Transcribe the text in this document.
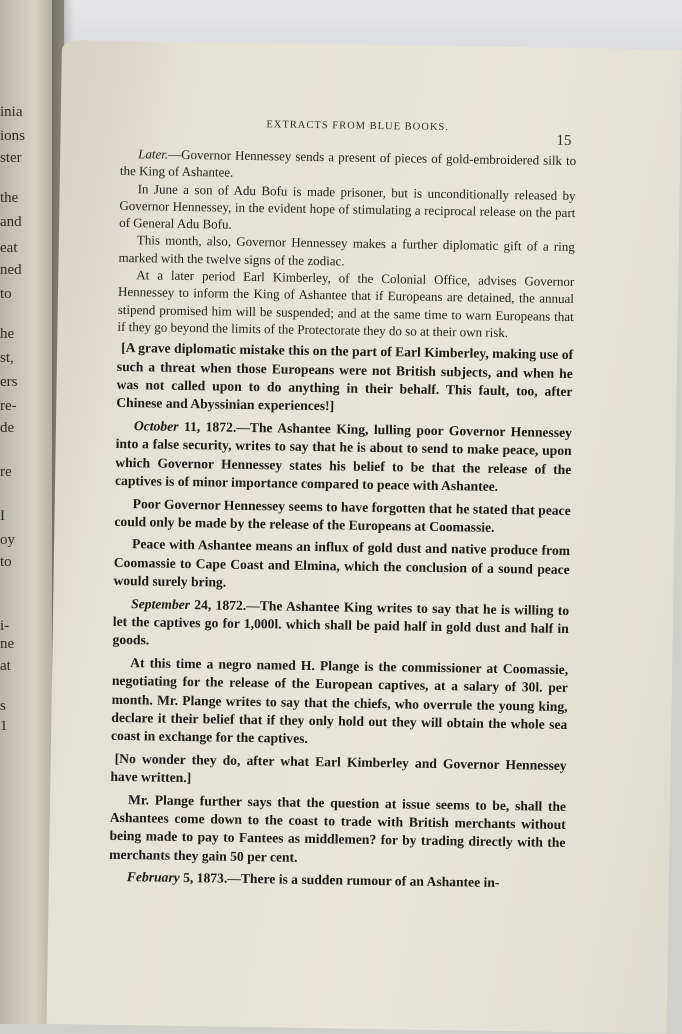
inia
ions
ster
the
and
eat
ned
to
he
st,
ers
re-
de
re
I
oy
to
i-
ne
at
s
1
EXTRACTS FROM BLUE BOOKS.
15

Later.—Governor Hennessey sends a present of pieces of gold-embroidered silk to the King of Ashantee.

In June a son of Adu Bofu is made prisoner, but is unconditionally released by Governor Hennessey, in the evident hope of stimulating a reciprocal release on the part of General Adu Bofu.

This month, also, Governor Hennessey makes a further diplomatic gift of a ring marked with the twelve signs of the zodiac.

At a later period Earl Kimberley, of the Colonial Office, advises Governor Hennessey to inform the King of Ashantee that if Europeans are detained, the annual stipend promised him will be suspended; and at the same time to warn Europeans that if they go beyond the limits of the Protectorate they do so at their own risk.

[A grave diplomatic mistake this on the part of Earl Kimberley, making use of such a threat when those Europeans were not British subjects, and when he was not called upon to do anything in their behalf. This fault, too, after Chinese and Abyssinian experiences!]

October 11, 1872.—The Ashantee King, lulling poor Governor Hennessey into a false security, writes to say that he is about to send to make peace, upon which Governor Hennessey states his belief to be that the release of the captives is of minor importance compared to peace with Ashantee.

Poor Governor Hennessey seems to have forgotten that he stated that peace could only be made by the release of the Europeans at Coomassie.

Peace with Ashantee means an influx of gold dust and native produce from Coomassie to Cape Coast and Elmina, which the conclusion of a sound peace would surely bring.

September 24, 1872.—The Ashantee King writes to say that he is willing to let the captives go for 1,000l. which shall be paid half in gold dust and half in goods.

At this time a negro named H. Plange is the commissioner at Coomassie, negotiating for the release of the European captives, at a salary of 30l. per month. Mr. Plange writes to say that the chiefs, who overrule the young king, declare it their belief that if they only hold out they will obtain the whole sea coast in exchange for the captives.

[No wonder they do, after what Earl Kimberley and Governor Hennessey have written.]

Mr. Plange further says that the question at issue seems to be, shall the Ashantees come down to the coast to trade with British merchants without being made to pay to Fantees as middlemen? for by trading directly with the merchants they gain 50 per cent.

February 5, 1873.—There is a sudden rumour of an Ashantee in-
